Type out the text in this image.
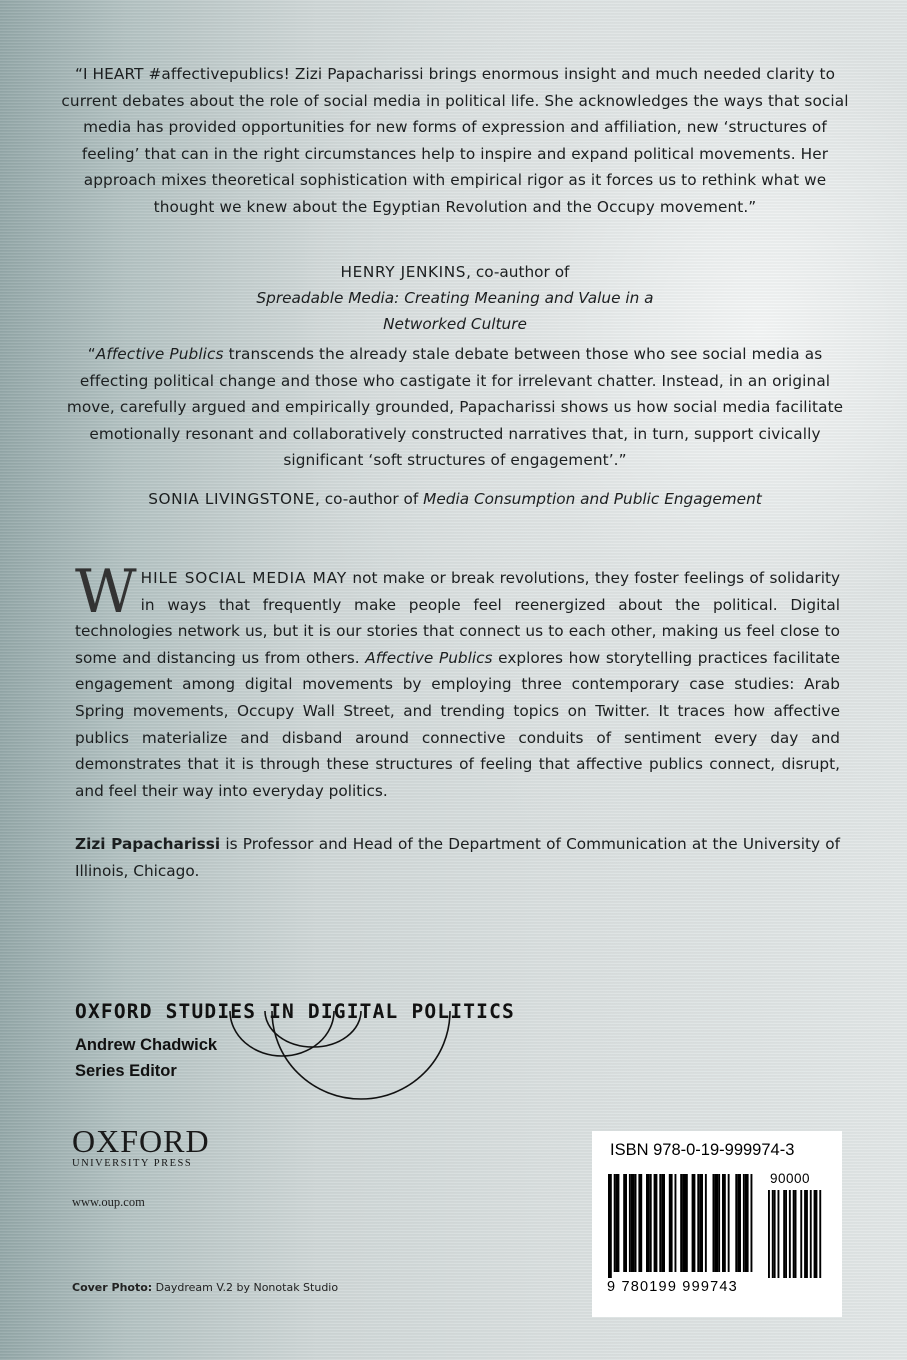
“I HEART #affectivepublics! Zizi Papacharissi brings enormous insight and much needed clarity to current debates about the role of social media in political life. She acknowledges the ways that social media has provided opportunities for new forms of expression and affiliation, new ‘structures of feeling’ that can in the right circumstances help to inspire and expand political movements. Her approach mixes theoretical sophistication with empirical rigor as it forces us to rethink what we thought we knew about the Egyptian Revolution and the Occupy movement.”
HENRY JENKINS, co-author of
Spreadable Media: Creating Meaning and Value in a Networked Culture
“Affective Publics transcends the already stale debate between those who see social media as effecting political change and those who castigate it for irrelevant chatter. Instead, in an original move, carefully argued and empirically grounded, Papacharissi shows us how social media facilitate emotionally resonant and collaboratively constructed narratives that, in turn, support civically significant ‘soft structures of engagement’.”
SONIA LIVINGSTONE, co-author of Media Consumption and Public Engagement
WHILE SOCIAL MEDIA MAY not make or break revolutions, they foster feelings of solidarity in ways that frequently make people feel reenergized about the political. Digital technologies network us, but it is our stories that connect us to each other, making us feel close to some and distancing us from others. Affective Publics explores how storytelling practices facilitate engagement among digital movements by employing three contemporary case studies: Arab Spring movements, Occupy Wall Street, and trending topics on Twitter. It traces how affective publics materialize and disband around connective conduits of sentiment every day and demonstrates that it is through these structures of feeling that affective publics connect, disrupt, and feel their way into everyday politics.
Zizi Papacharissi is Professor and Head of the Department of Communication at the University of Illinois, Chicago.
OXFORD STUDIES IN DIGITAL POLITICS
Andrew Chadwick
Series Editor
OXFORD
UNIVERSITY PRESS
www.oup.com
Cover Photo: Daydream V.2 by Nonotak Studio
ISBN 978-0-19-999974-3
90000
9 780199 999743
